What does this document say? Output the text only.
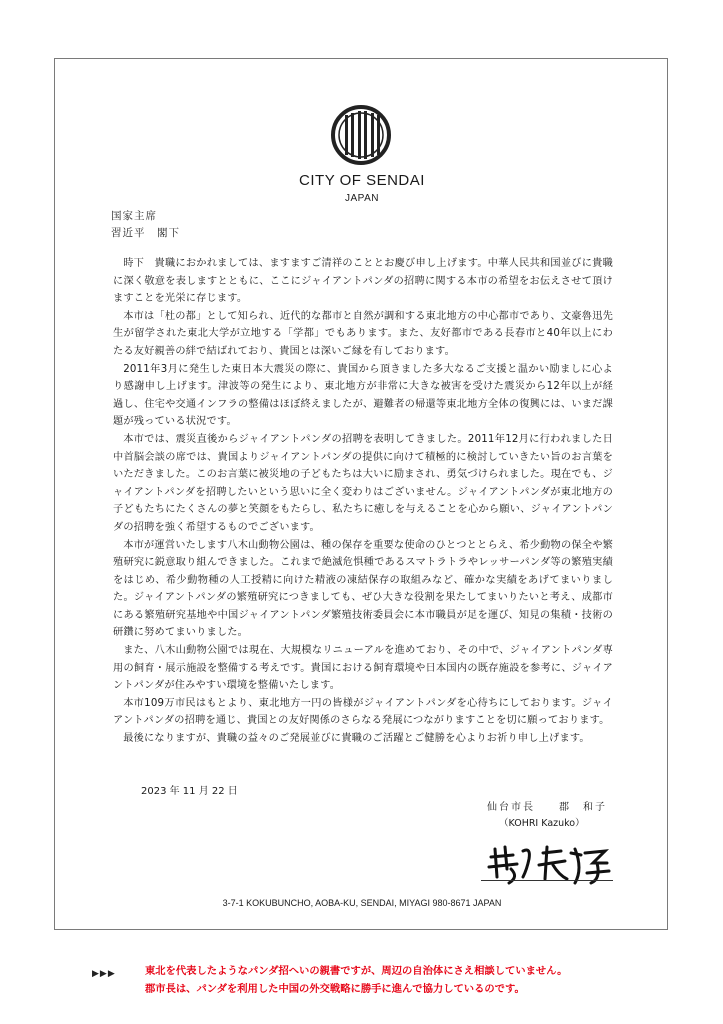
CITY OF SENDAI
JAPAN
国家主席
習近平　閣下

時下　貴職におかれましては、ますますご清祥のこととお慶び申し上げます。中華人民共和国並びに貴職に深く敬意を表しますとともに、ここにジャイアントパンダの招聘に関する本市の希望をお伝えさせて頂けますことを光栄に存じます。

本市は「杜の都」として知られ、近代的な都市と自然が調和する東北地方の中心都市であり、文豪魯迅先生が留学された東北大学が立地する「学都」でもあります。また、友好都市である長春市と40年以上にわたる友好親善の絆で結ばれており、貴国とは深いご縁を有しております。

2011年3月に発生した東日本大震災の際に、貴国から頂きました多大なるご支援と温かい励ましに心より感謝申し上げます。津波等の発生により、東北地方が非常に大きな被害を受けた震災から12年以上が経過し、住宅や交通インフラの整備はほぼ終えましたが、避難者の帰還等東北地方全体の復興には、いまだ課題が残っている状況です。

本市では、震災直後からジャイアントパンダの招聘を表明してきました。2011年12月に行われました日中首脳会談の席では、貴国よりジャイアントパンダの提供に向けて積極的に検討していきたい旨のお言葉をいただきました。このお言葉に被災地の子どもたちは大いに励まされ、勇気づけられました。現在でも、ジャイアントパンダを招聘したいという思いに全く変わりはございません。ジャイアントパンダが東北地方の子どもたちにたくさんの夢と笑顔をもたらし、私たちに癒しを与えることを心から願い、ジャイアントパンダの招聘を強く希望するものでございます。

本市が運営いたします八木山動物公園は、種の保存を重要な使命のひとつととらえ、希少動物の保全や繁殖研究に鋭意取り組んできました。これまで絶滅危惧種であるスマトラトラやレッサーパンダ等の繁殖実績をはじめ、希少動物種の人工授精に向けた精液の凍結保存の取組みなど、確かな実績をあげてまいりました。ジャイアントパンダの繁殖研究につきましても、ぜひ大きな役割を果たしてまいりたいと考え、成都市にある繁殖研究基地や中国ジャイアントパンダ繁殖技術委員会に本市職員が足を運び、知見の集積・技術の研鑽に努めてまいりました。

また、八木山動物公園では現在、大規模なリニューアルを進めており、その中で、ジャイアントパンダ専用の飼育・展示施設を整備する考えです。貴国における飼育環境や日本国内の既存施設を参考に、ジャイアントパンダが住みやすい環境を整備いたします。

本市109万市民はもとより、東北地方一円の皆様がジャイアントパンダを心待ちにしております。ジャイアントパンダの招聘を通じ、貴国との友好関係のさらなる発展につながりますことを切に願っております。

最後になりますが、貴職の益々のご発展並びに貴職のご活躍とご健勝を心よりお祈り申し上げます。

2023 年 11 月 22 日
仙台市長　　郡　和子
（KOHRI Kazuko）
3-7-1 KOKUBUNCHO, AOBA-KU, SENDAI, MIYAGI 980-8671 JAPAN
▶▶▶	東北を代表したようなパンダ招へいの親書ですが、周辺の自治体にさえ相談していません。
郡市長は、パンダを利用した中国の外交戦略に勝手に進んで協力しているのです。
